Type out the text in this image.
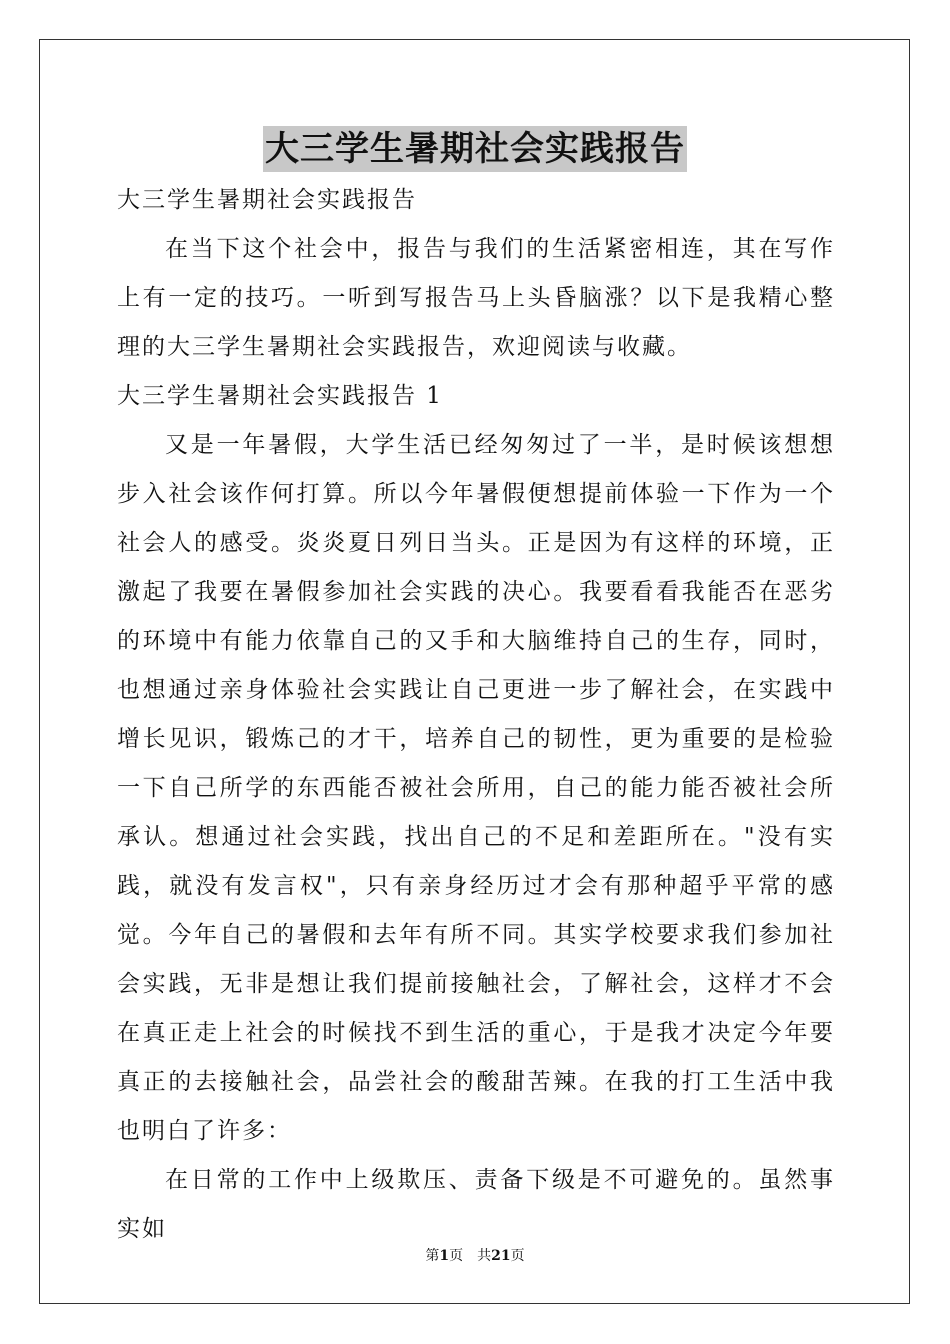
大三学生暑期社会实践报告

大三学生暑期社会实践报告

在当下这个社会中，报告与我们的生活紧密相连，其在写作上有一定的技巧。一听到写报告马上头昏脑涨？以下是我精心整理的大三学生暑期社会实践报告，欢迎阅读与收藏。

大三学生暑期社会实践报告 1

又是一年暑假，大学生活已经匆匆过了一半，是时候该想想步入社会该作何打算。所以今年暑假便想提前体验一下作为一个社会人的感受。炎炎夏日列日当头。正是因为有这样的环境，正激起了我要在暑假参加社会实践的决心。我要看看我能否在恶劣的环境中有能力依靠自己的又手和大脑维持自己的生存，同时，也想通过亲身体验社会实践让自己更进一步了解社会，在实践中增长见识，锻炼己的才干，培养自己的韧性，更为重要的是检验一下自己所学的东西能否被社会所用，自己的能力能否被社会所承认。想通过社会实践，找出自己的不足和差距所在。"没有实践，就没有发言权"，只有亲身经历过才会有那种超乎平常的感觉。今年自己的暑假和去年有所不同。其实学校要求我们参加社会实践，无非是想让我们提前接触社会，了解社会，这样才不会在真正走上社会的时候找不到生活的重心，于是我才决定今年要真正的去接触社会，品尝社会的酸甜苦辣。在我的打工生活中我也明白了许多：

在日常的工作中上级欺压、责备下级是不可避免的。虽然事实如

第1页 共21页
